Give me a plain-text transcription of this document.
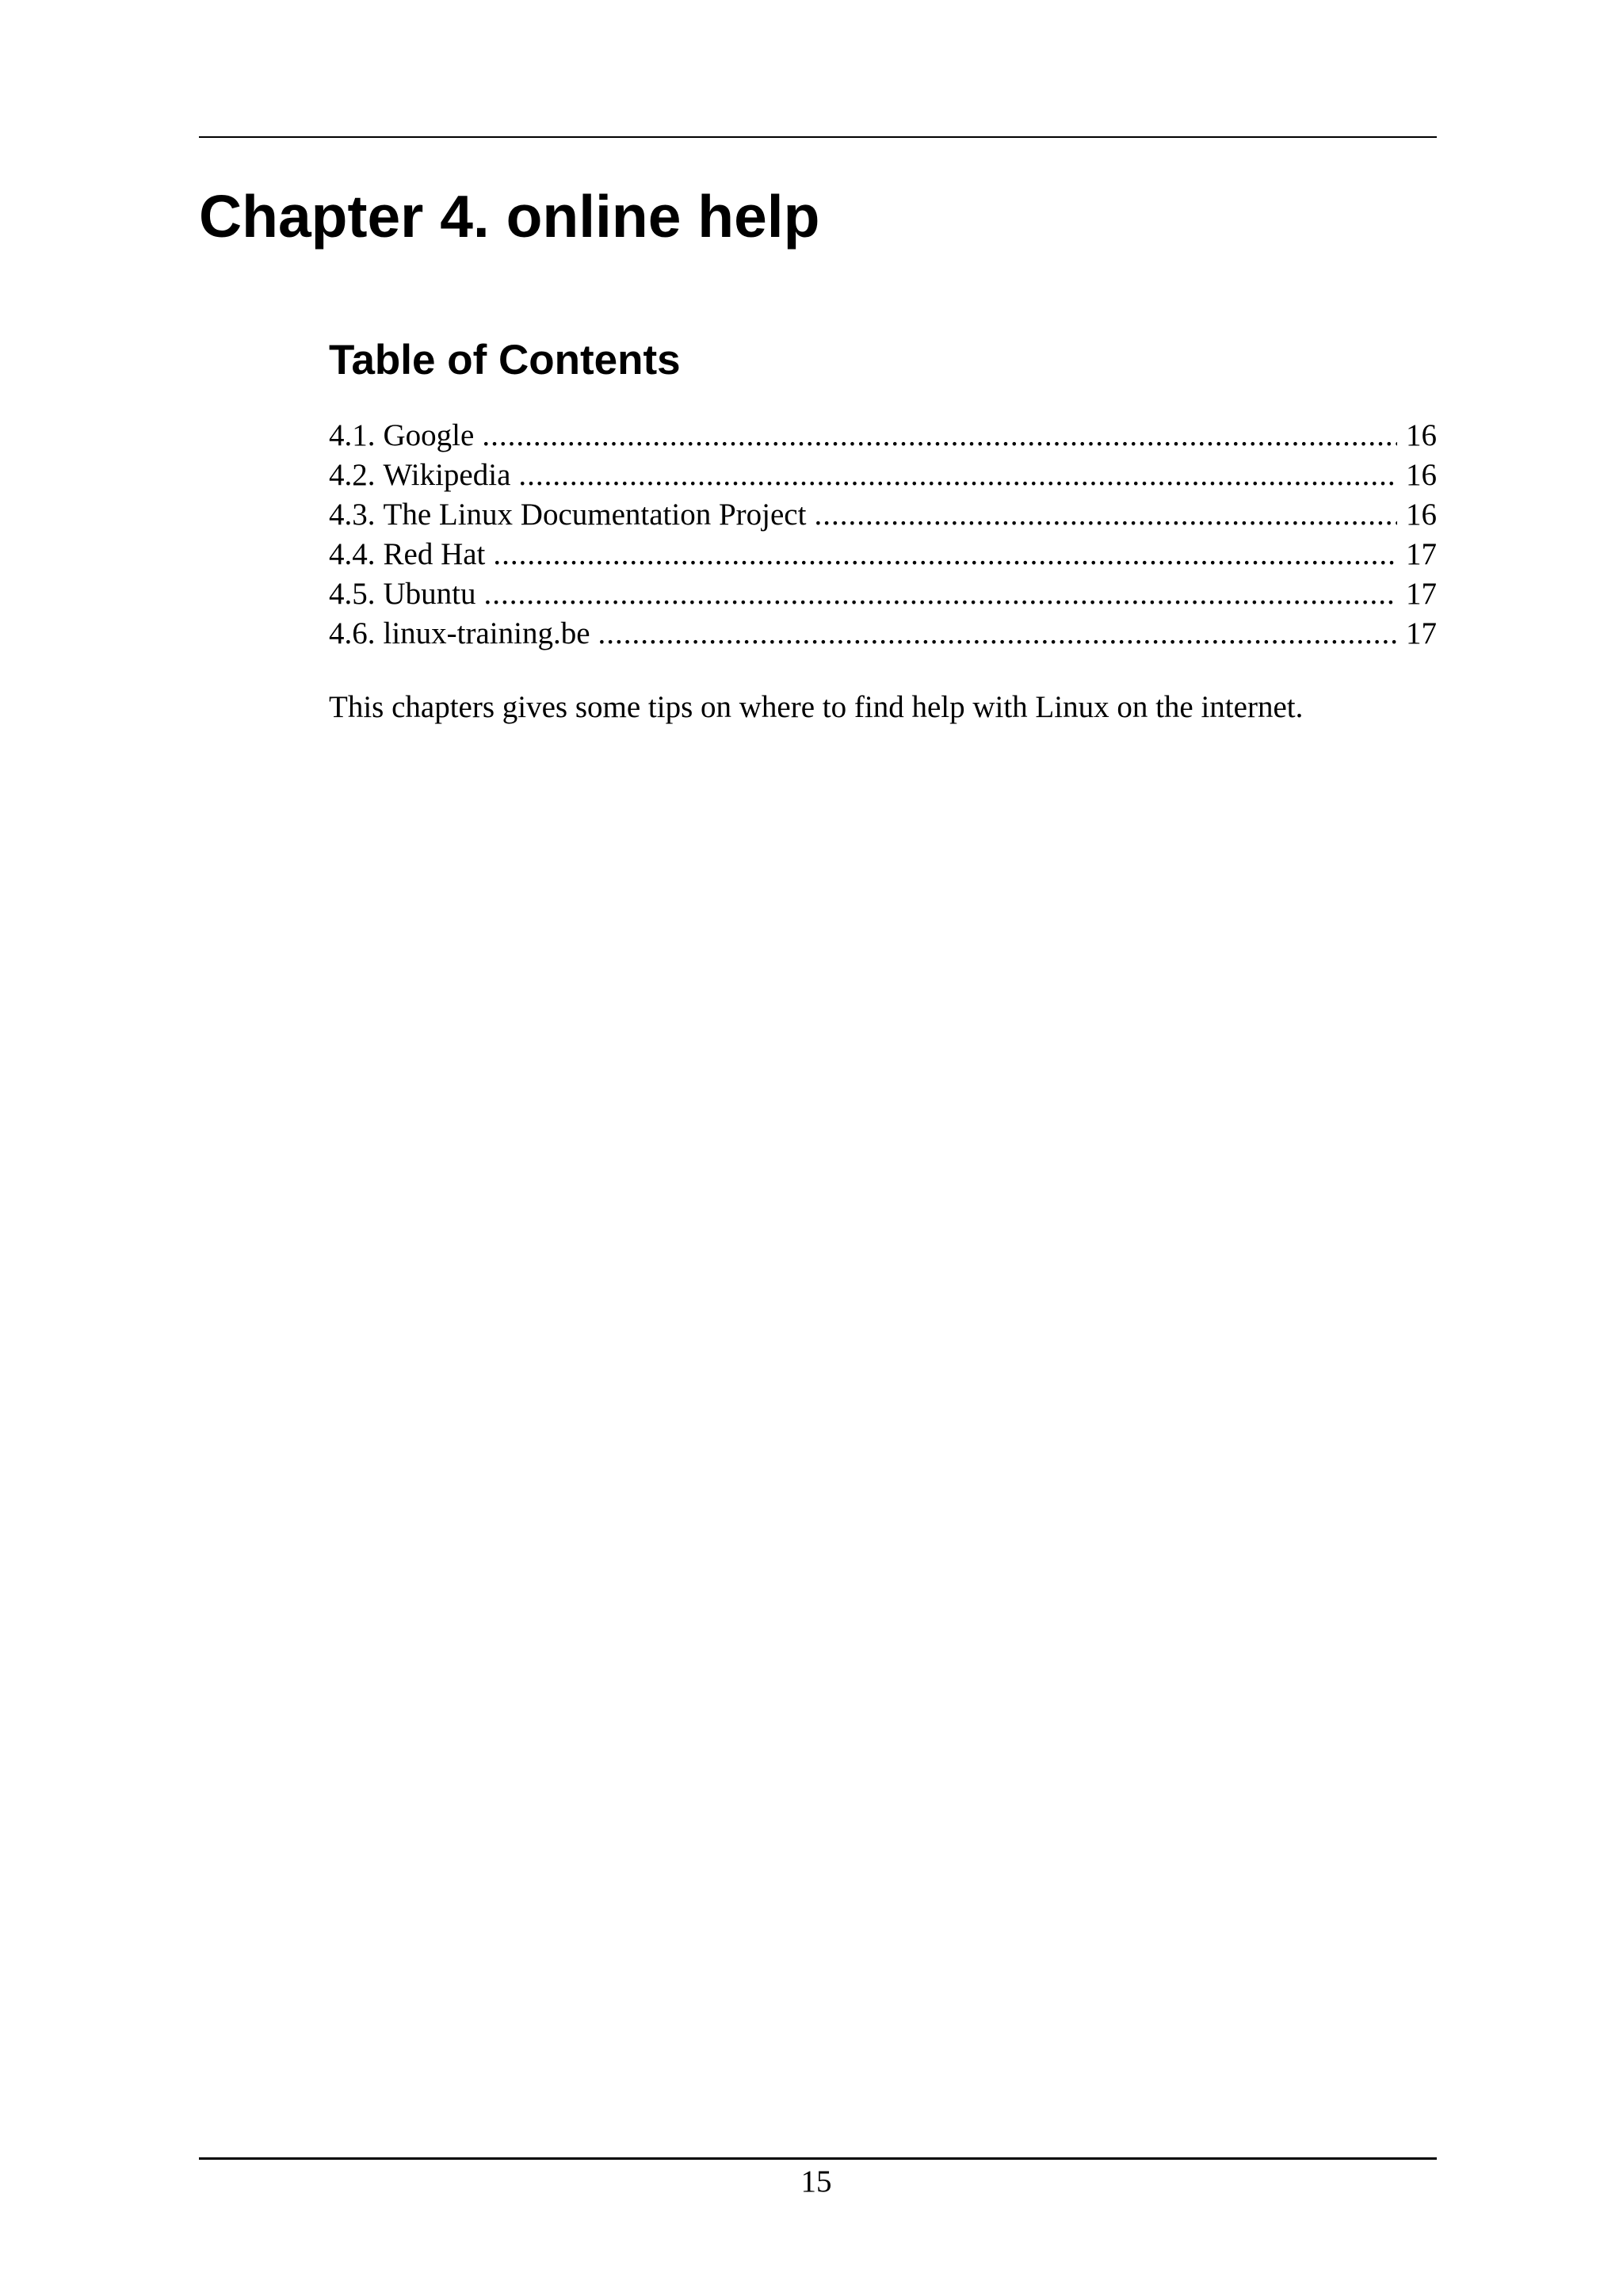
Chapter 4. online help
Table of Contents
4.1. Google .....	16
4.2. Wikipedia .....	16
4.3. The Linux Documentation Project .....	16
4.4. Red Hat .....	17
4.5. Ubuntu .....	17
4.6. linux-training.be .....	17

This chapters gives some tips on where to find help with Linux on the internet.

15
